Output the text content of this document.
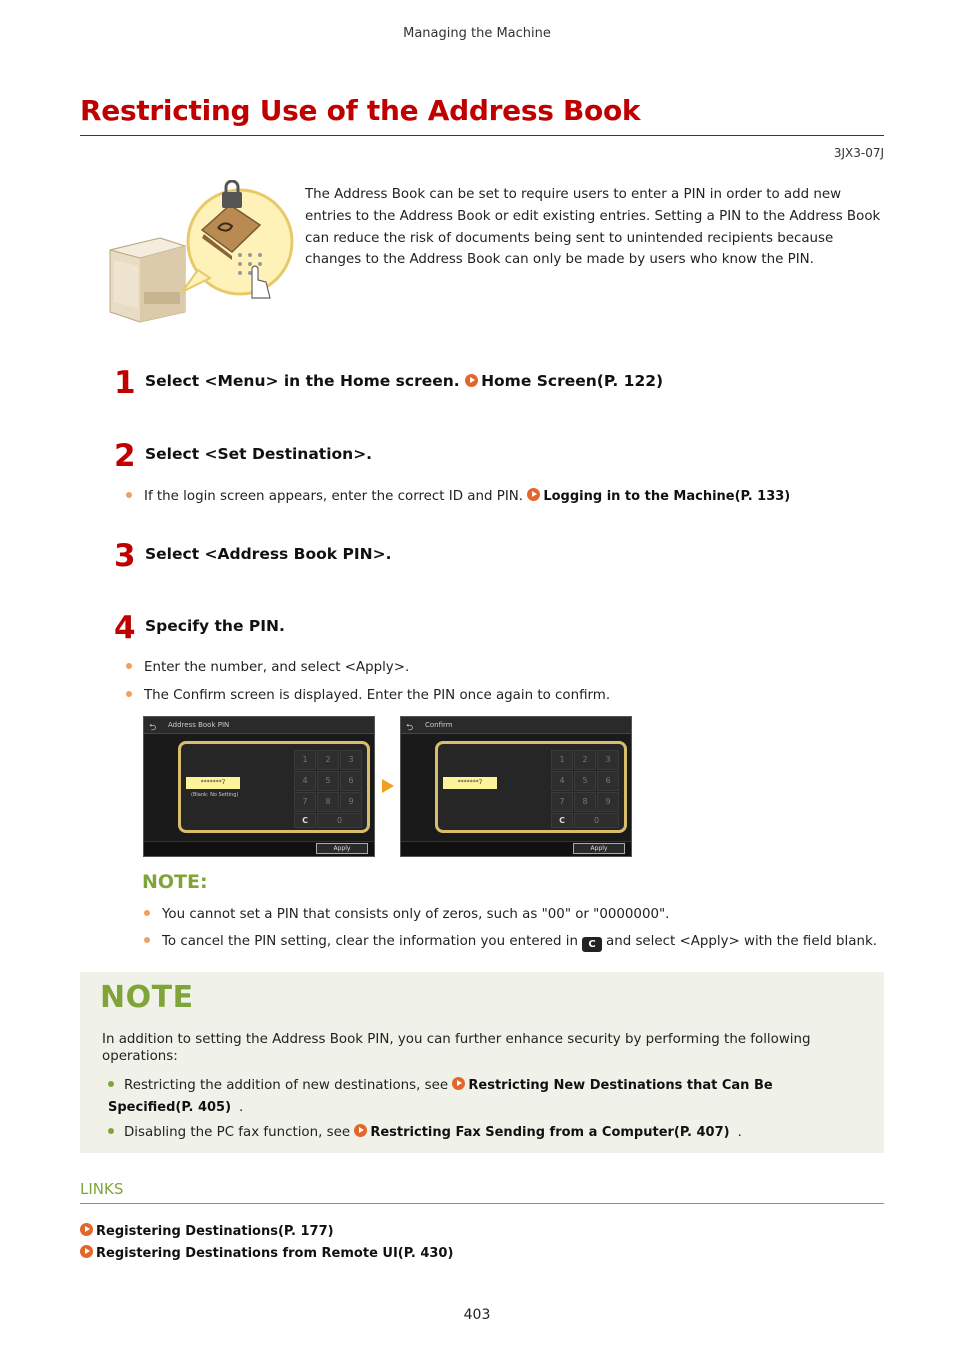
Managing the Machine
Restricting Use of the Address Book
3JX3-07J
The Address Book can be set to require users to enter a PIN in order to add new entries to the Address Book or edit existing entries. Setting a PIN to the Address Book can reduce the risk of documents being sent to unintended recipients because changes to the Address Book can only be made by users who know the PIN.
1 Select <Menu> in the Home screen. Home Screen(P. 122)
2 Select <Set Destination>.
If the login screen appears, enter the correct ID and PIN. Logging in to the Machine(P. 133)
3 Select <Address Book PIN>.
4 Specify the PIN.
Enter the number, and select <Apply>.
The Confirm screen is displayed. Enter the PIN once again to confirm.
⮌	Address Book PIN
*******7
(Blank: No Setting)
1	2	3
4	5	6
7	8	9
C	0
Apply
⮌	Confirm
*******7
1	2	3
4	5	6
7	8	9
C	0
Apply
NOTE:
You cannot set a PIN that consists only of zeros, such as "00" or "0000000".
To cancel the PIN setting, clear the information you entered in C and select <Apply> with the field blank.
NOTE
In addition to setting the Address Book PIN, you can further enhance security by performing the following operations:
Restricting the addition of new destinations, see Restricting New Destinations that Can Be Specified(P. 405) .
Disabling the PC fax function, see Restricting Fax Sending from a Computer(P. 407) .
LINKS
Registering Destinations(P. 177)
Registering Destinations from Remote UI(P. 430)
403
